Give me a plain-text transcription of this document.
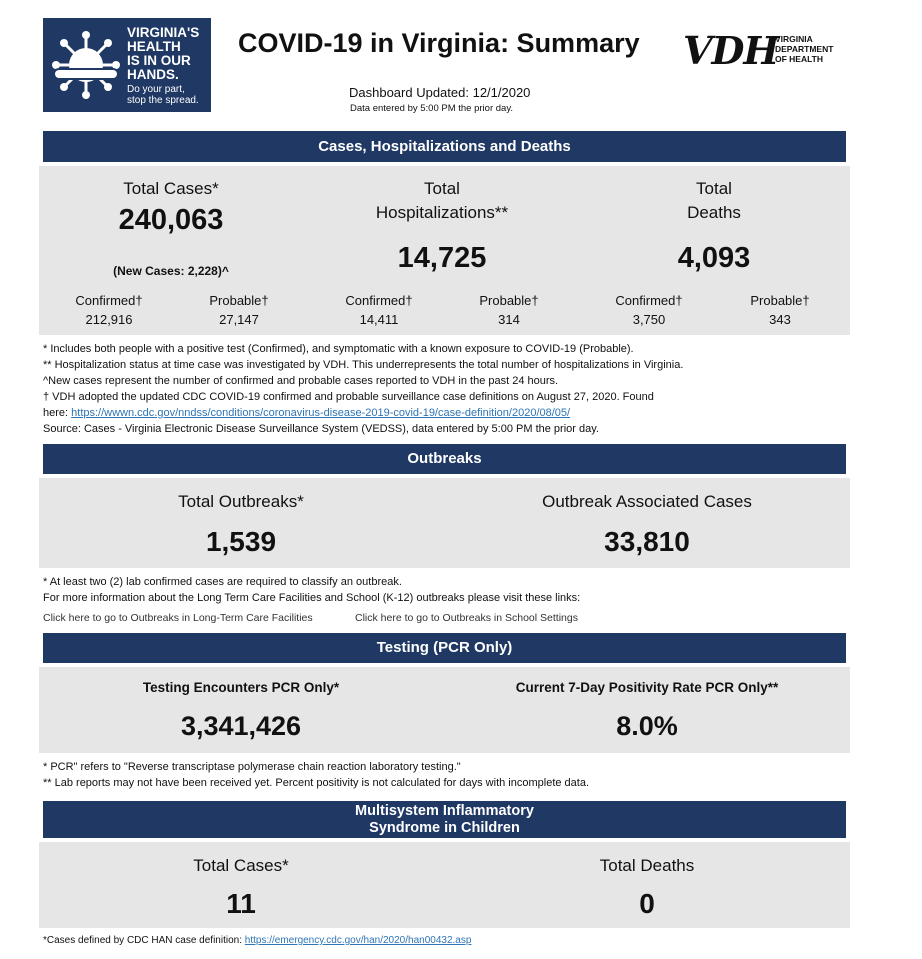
VIRGINIA'S
HEALTH
IS IN OUR
HANDS.
Do your part,
stop the spread.
COVID-19 in Virginia: Summary VDH
VIRGINIA
DEPARTMENT
OF HEALTH
Dashboard Updated: 12/1/2020
Data entered by 5:00 PM the prior day.
Cases, Hospitalizations and Deaths
Total Cases*
240,063
(New Cases: 2,228)^
Total
Hospitalizations**
14,725
Total
Deaths
4,093
Confirmed†
212,916
Probable†
27,147
Confirmed†
14,411
Probable†
314
Confirmed†
3,750
Probable†
343
* Includes both people with a positive test (Confirmed), and symptomatic with a known exposure to COVID-19 (Probable).
** Hospitalization status at time case was investigated by VDH. This underrepresents the total number of hospitalizations in Virginia.
^New cases represent the number of confirmed and probable cases reported to VDH in the past 24 hours.
† VDH adopted the updated CDC COVID-19 confirmed and probable surveillance case definitions on August 27, 2020. Found
here: https://wwwn.cdc.gov/nndss/conditions/coronavirus-disease-2019-covid-19/case-definition/2020/08/05/
Source: Cases - Virginia Electronic Disease Surveillance System (VEDSS), data entered by 5:00 PM the prior day.
Outbreaks
Total Outbreaks*
1,539
Outbreak Associated Cases
33,810
* At least two (2) lab confirmed cases are required to classify an outbreak.
For more information about the Long Term Care Facilities and School (K-12) outbreaks please visit these links:
Click here to go to Outbreaks in Long-Term Care Facilities	Click here to go to Outbreaks in School Settings
Testing (PCR Only)
Testing Encounters PCR Only*
3,341,426
Current 7-Day Positivity Rate PCR Only**
8.0%
* PCR" refers to "Reverse transcriptase polymerase chain reaction laboratory testing."
** Lab reports may not have been received yet. Percent positivity is not calculated for days with incomplete data.
Multisystem Inflammatory
Syndrome in Children
Total Cases*
11
Total Deaths
0
*Cases defined by CDC HAN case definition: https://emergency.cdc.gov/han/2020/han00432.asp
